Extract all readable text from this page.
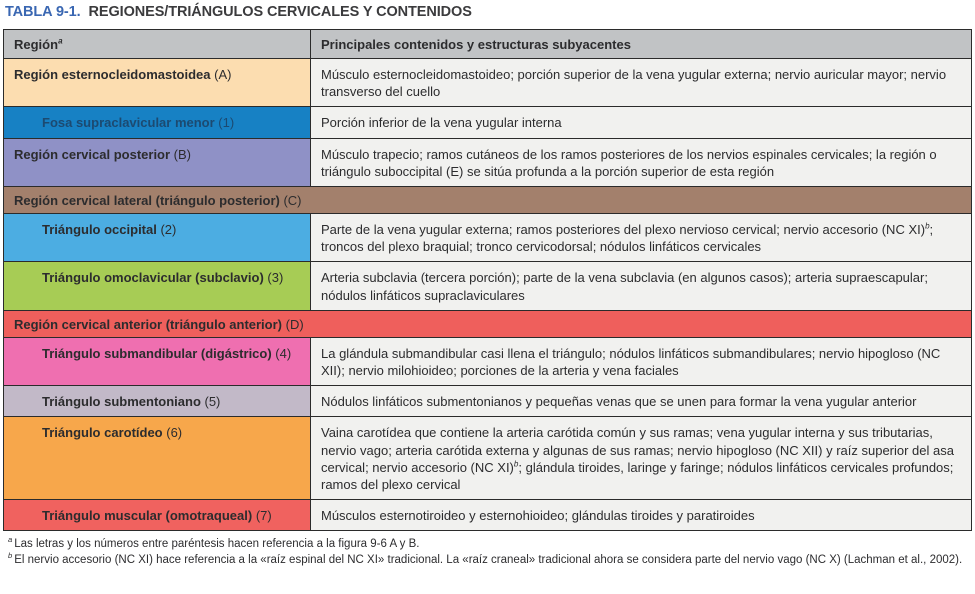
TABLA 9-1. REGIONES/TRIÁNGULOS CERVICALES Y CONTENIDOS
Región$^a$	Principales contenidos y estructuras subyacentes
Región esternocleidomastoidea (A)	Músculo esternocleidomastoideo; porción superior de la vena yugular externa; nervio auricular mayor; nervio transverso del cuello
Fosa supraclavicular menor (1)	Porción inferior de la vena yugular interna
Región cervical posterior (B)	Músculo trapecio; ramos cutáneos de los ramos posteriores de los nervios espinales cervicales; la región o triángulo suboccipital (E) se sitúa profunda a la porción superior de esta región
Región cervical lateral (triángulo posterior) (C)
Triángulo occipital (2)	Parte de la vena yugular externa; ramos posteriores del plexo nervioso cervical; nervio accesorio (NC XI)$^b$; troncos del plexo braquial; tronco cervicodorsal; nódulos linfáticos cervicales
Triángulo omoclavicular (subclavio) (3)	Arteria subclavia (tercera porción); parte de la vena subclavia (en algunos casos); arteria supraescapular; nódulos linfáticos supraclaviculares
Región cervical anterior (triángulo anterior) (D)
Triángulo submandibular (digástrico) (4)	La glándula submandibular casi llena el triángulo; nódulos linfáticos submandibulares; nervio hipogloso (NC XII); nervio milohioideo; porciones de la arteria y vena faciales
Triángulo submentoniano (5)	Nódulos linfáticos submentonianos y pequeñas venas que se unen para formar la vena yugular anterior
Triángulo carotídeo (6)	Vaina carotídea que contiene la arteria carótida común y sus ramas; vena yugular interna y sus tributarias, nervio vago; arteria carótida externa y algunas de sus ramas; nervio hipogloso (NC XII) y raíz superior del asa cervical; nervio accesorio (NC XI)$^b$; glándula tiroides, laringe y faringe; nódulos linfáticos cervicales profundos; ramos del plexo cervical
Triángulo muscular (omotraqueal) (7)	Músculos esternotiroideo y esternohioideo; glándulas tiroides y paratiroides
$^a$ Las letras y los números entre paréntesis hacen referencia a la figura 9-6 A y B.
$^b$ El nervio accesorio (NC XI) hace referencia a la «raíz espinal del NC XI» tradicional. La «raíz craneal» tradicional ahora se considera parte del nervio vago (NC X) (Lachman et al., 2002).
